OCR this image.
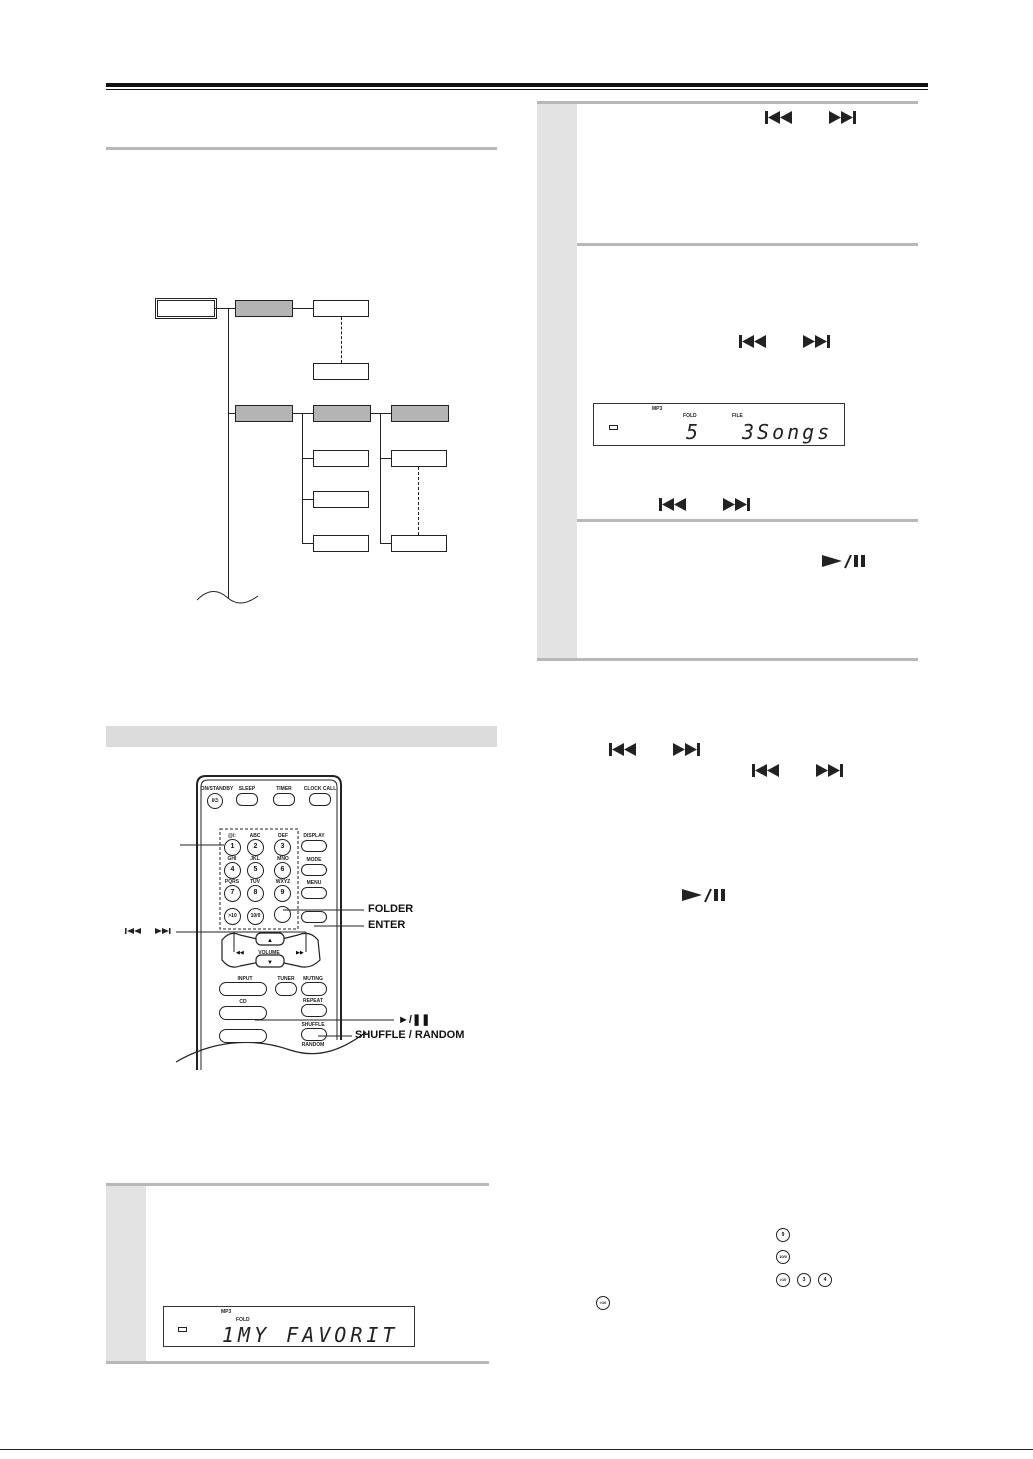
▲
▼
◀◀	▶▶
ON/STANDBY	SLEEP	TIMER	CLOCK CALL
I/⏻
@/:	ABC	DEF
1	2	3
GHI	JKL	MNO
4	5	6
PQRS	TUV	WXYZ
7	8	9
>10	10/0
DISPLAY
MODE
MENU
VOLUME
INPUT	TUNER	MUTING
REPEAT
CD
SHUFFLE
RANDOM
FOLDER
ENTER
►/❚❚
SHUFFLE / RANDOM
MP3
FOLD
1MY FAVORIT
MP3
FOLD	FILE
5 3Songs
9
10/0
>10	3	4
>10
